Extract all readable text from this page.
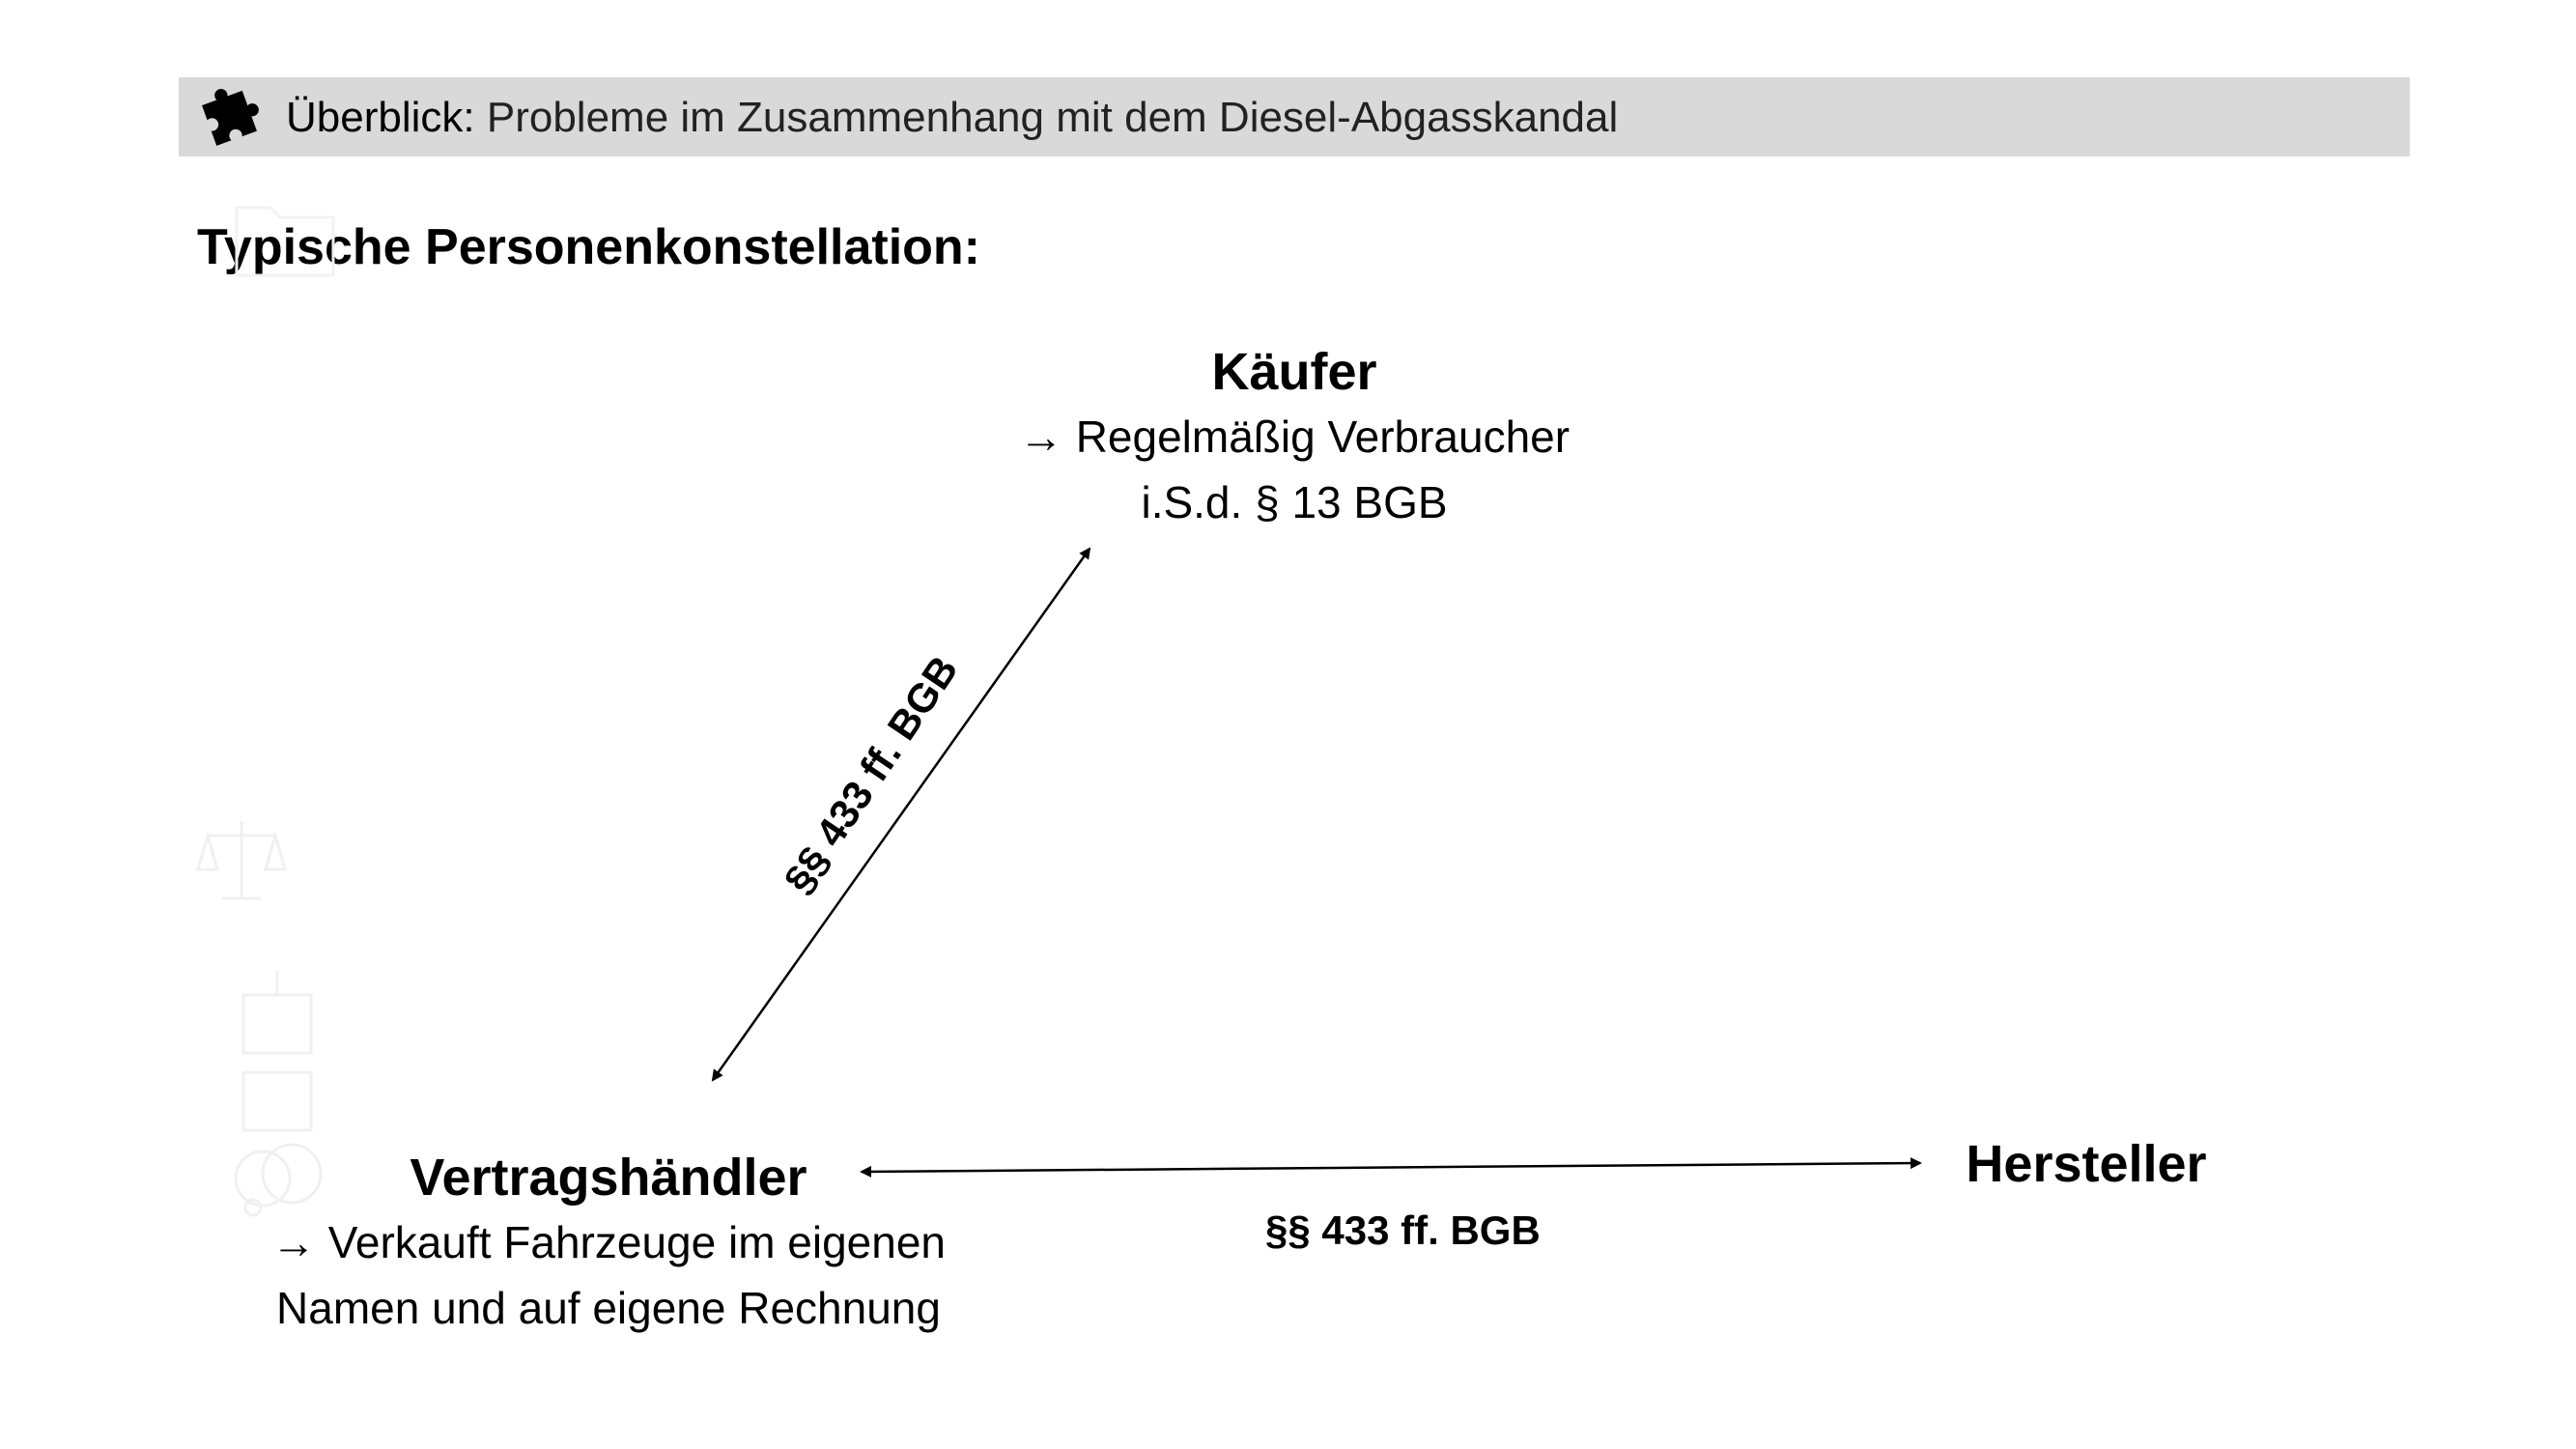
Überblick: Probleme im Zusammenhang mit dem Diesel-Abgasskandal
Typische Personenkonstellation:
Käufer
→ Regelmäßig Verbraucher
i.S.d. § 13 BGB
Vertragshändler
→ Verkauft Fahrzeuge im eigenen
Namen und auf eigene Rechnung
Hersteller
§§ 433 ff. BGB
§§ 433 ff. BGB
